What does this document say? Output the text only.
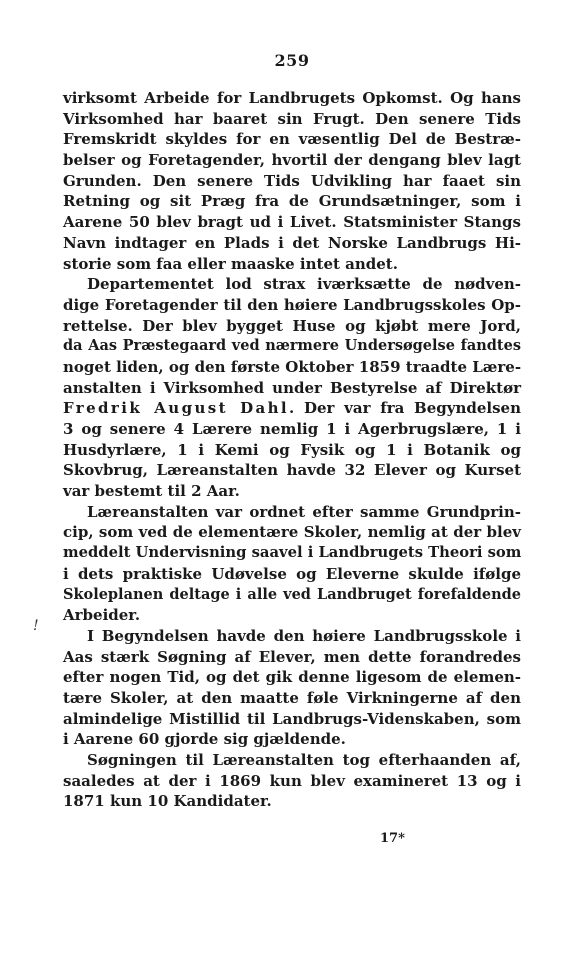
259
!
virksomt Arbeide for Landbrugets Opkomst. Og hans
Virksomhed har baaret sin Frugt. Den senere Tids
Fremskridt skyldes for en væsentlig Del de Bestræ-
belser og Foretagender, hvortil der dengang blev lagt
Grunden. Den senere Tids Udvikling har faaet sin
Retning og sit Præg fra de Grundsætninger, som i
Aarene 50 blev bragt ud i Livet. Statsminister Stangs
Navn indtager en Plads i det Norske Landbrugs Hi-
storie som faa eller maaske intet andet.
Departementet lod strax iværksætte de nødven-
dige Foretagender til den høiere Landbrugsskoles Op-
rettelse. Der blev bygget Huse og kjøbt mere Jord,
da Aas Præstegaard ved nærmere Undersøgelse fandtes
noget liden, og den første Oktober 1859 traadte Lære-
anstalten i Virksomhed under Bestyrelse af Direktør
Fredrik August Dahl. Der var fra Begyndelsen
3 og senere 4 Lærere nemlig 1 i Agerbrugslære, 1 i
Husdyrlære, 1 i Kemi og Fysik og 1 i Botanik og
Skovbrug, Læreanstalten havde 32 Elever og Kurset
var bestemt til 2 Aar.
Læreanstalten var ordnet efter samme Grundprin-
cip, som ved de elementære Skoler, nemlig at der blev
meddelt Undervisning saavel i Landbrugets Theori som
i dets praktiske Udøvelse og Eleverne skulde ifølge
Skoleplanen deltage i alle ved Landbruget forefaldende
Arbeider.
I Begyndelsen havde den høiere Landbrugsskole i
Aas stærk Søgning af Elever, men dette forandredes
efter nogen Tid, og det gik denne ligesom de elemen-
tære Skoler, at den maatte føle Virkningerne af den
almindelige Mistillid til Landbrugs-Videnskaben, som
i Aarene 60 gjorde sig gjældende.
Søgningen til Læreanstalten tog efterhaanden af,
saaledes at der i 1869 kun blev examineret 13 og i
1871 kun 10 Kandidater.
17*
